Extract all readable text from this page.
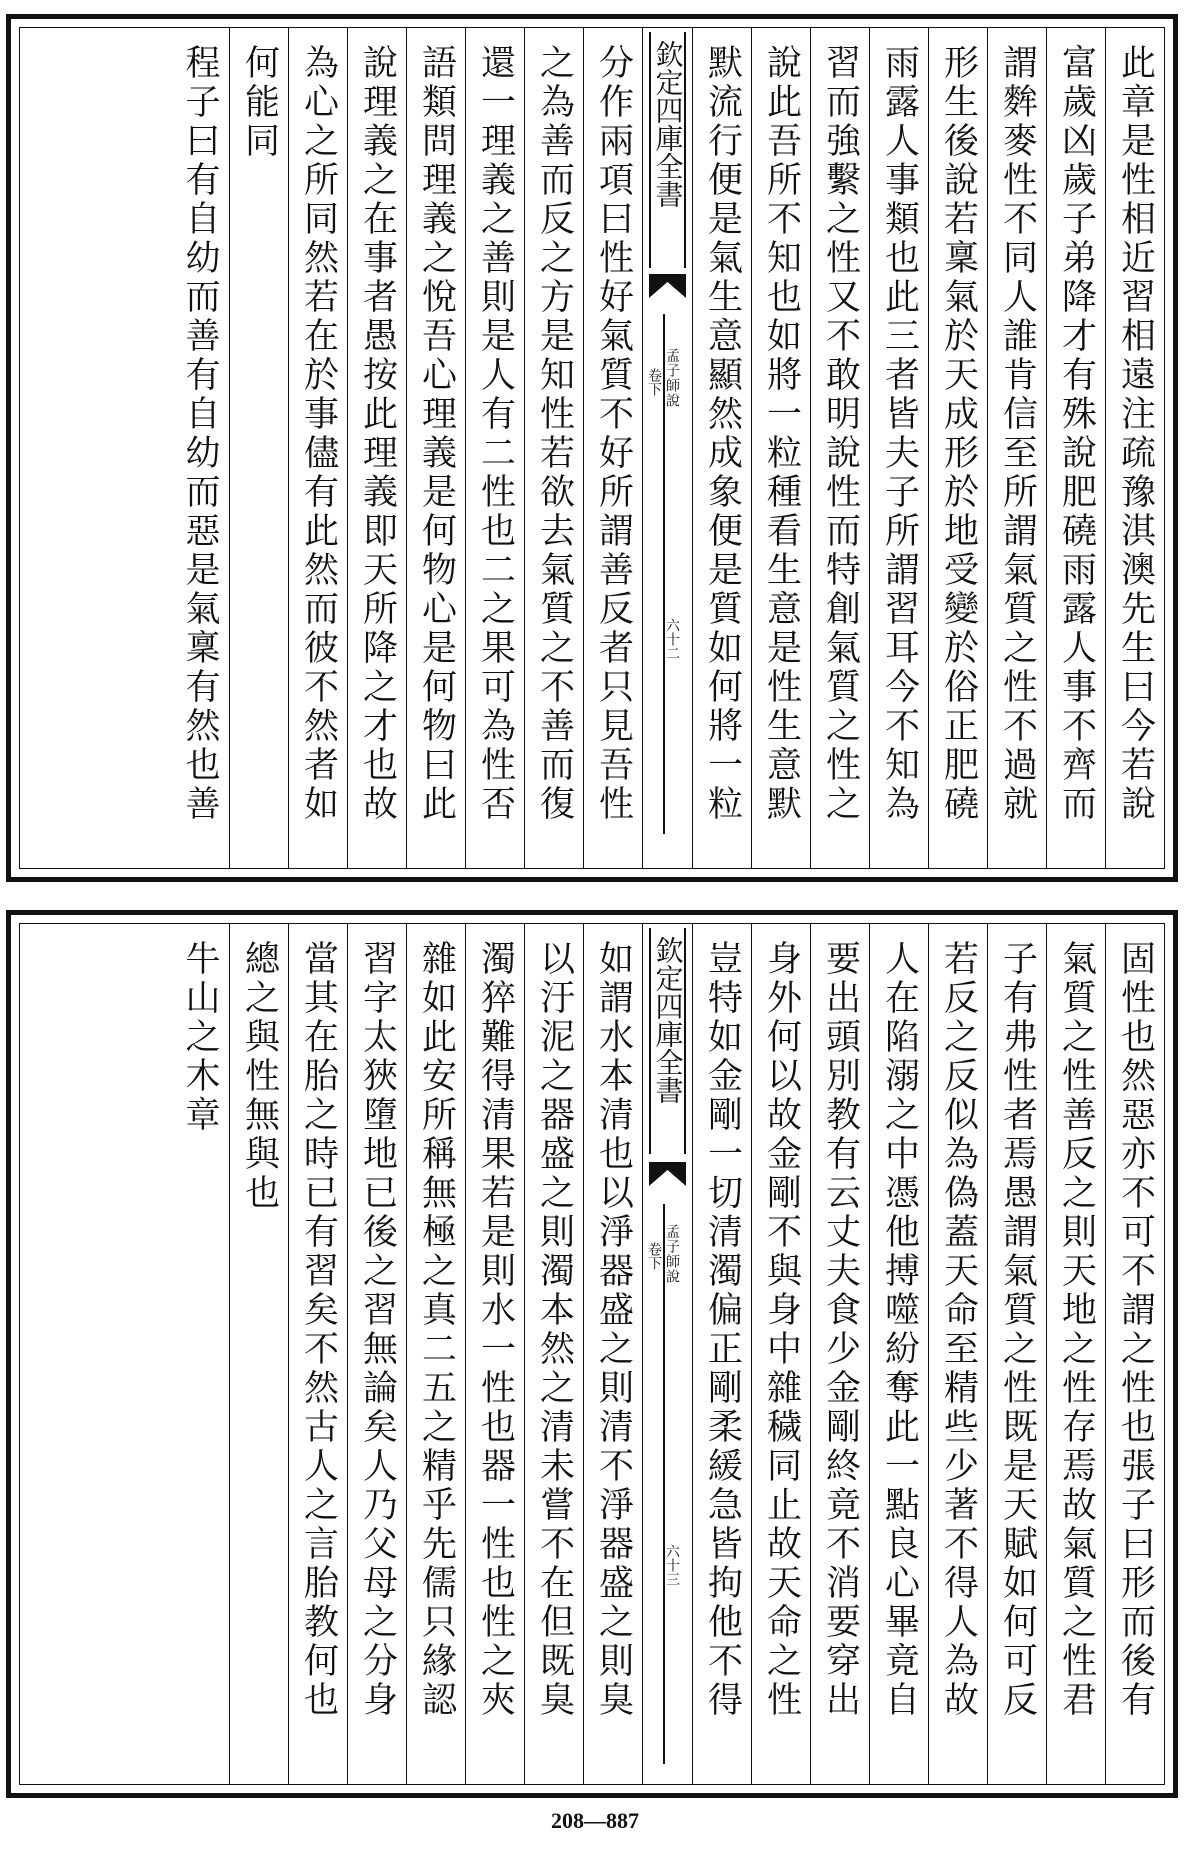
此章是性相近習相遠注疏豫淇澳先生曰今若說
富歲凶歲子弟降才有殊說肥磽雨露人事不齊而
謂麰麥性不同人誰肯信至所謂氣質之性不過就
形生後說若稟氣於天成形於地受變於俗正肥磽
雨露人事類也此三者皆夫子所謂習耳今不知為
習而強繫之性又不敢明說性而特創氣質之性之
說此吾所不知也如將一粒種看生意是性生意默
默流行便是氣生意顯然成象便是質如何將一粒
欽定四庫全書
孟子師說
卷下
六十二
分作兩項曰性好氣質不好所謂善反者只見吾性
之為善而反之方是知性若欲去氣質之不善而復
還一理義之善則是人有二性也二之果可為性否
語類問理義之悅吾心理義是何物心是何物曰此
說理義之在事者愚按此理義即天所降之才也故
為心之所同然若在於事儘有此然而彼不然者如
何能同
程子曰有自幼而善有自幼而惡是氣稟有然也善
固性也然惡亦不可不謂之性也張子曰形而後有
氣質之性善反之則天地之性存焉故氣質之性君
子有弗性者焉愚謂氣質之性既是天賦如何可反
若反之反似為偽蓋天命至精些少著不得人為故
人在陷溺之中憑他搏噬紛奪此一點良心畢竟自
要出頭別教有云丈夫食少金剛終竟不消要穿出
身外何以故金剛不與身中雜穢同止故天命之性
豈特如金剛一切清濁偏正剛柔緩急皆拘他不得
欽定四庫全書
孟子師說
卷下
六十三
如謂水本清也以淨器盛之則清不淨器盛之則臭
以汙泥之器盛之則濁本然之清未嘗不在但既臭
濁猝難得清果若是則水一性也器一性也性之夾
雜如此安所稱無極之真二五之精乎先儒只緣認
習字太狹墮地已後之習無論矣人乃父母之分身
當其在胎之時已有習矣不然古人之言胎教何也
總之與性無與也
牛山之木章
208—887
